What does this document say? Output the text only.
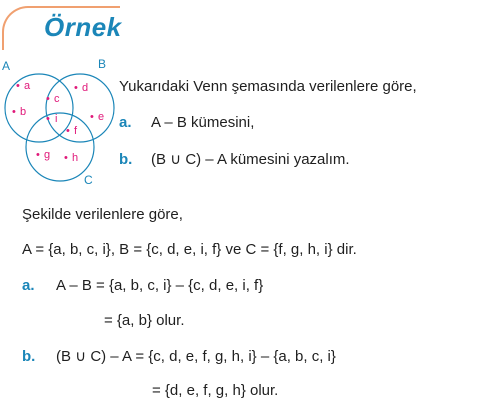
Örnek
A	B
C
• a
• b
• c
• d
• e
• i
• f
• g • h
Yukarıdaki Venn şemasında verilenlere göre,
a. A – B kümesini,
b. (B ∪ C) – A kümesini yazalım.
Şekilde verilenlere göre,
A = {a, b, c, i}, B = {c, d, e, i, f} ve C = {f, g, h, i} dir.
a. A – B = {a, b, c, i} – {c, d, e, i, f}
= {a, b} olur.
b. (B ∪ C) – A = {c, d, e, f, g, h, i} – {a, b, c, i}
= {d, e, f, g, h} olur.
